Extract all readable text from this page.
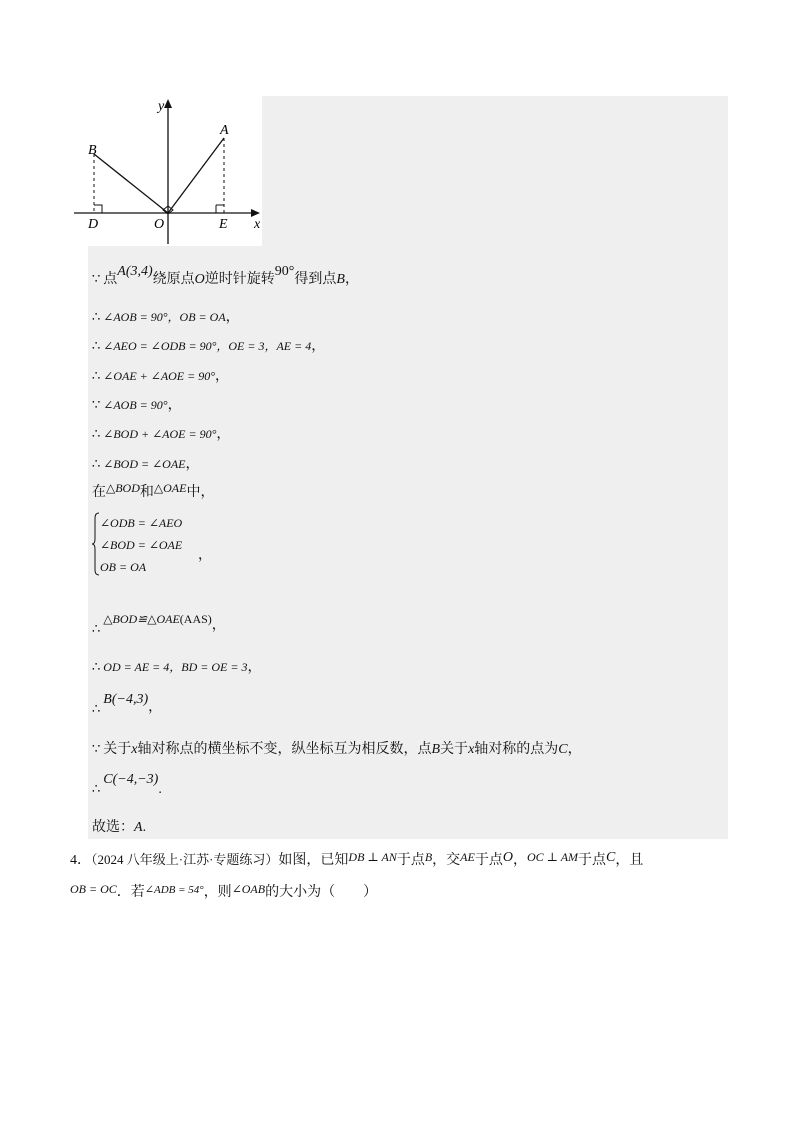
y
x
A
B
D	O	E
∵ 点A(3,4)绕原点O逆时针旋转90°得到点B，
∴ ∠AOB = 90°，OB = OA，
∴ ∠AEO = ∠ODB = 90°，OE = 3，AE = 4，
∴ ∠OAE + ∠AOE = 90°，
∵ ∠AOB = 90°，
∴ ∠BOD + ∠AOE = 90°，
∴ ∠BOD = ∠OAE，
在△BOD和△OAE中，
∠ODB = ∠AEO
∠BOD = ∠OAE
OB = OA
，
∴△BOD≌△OAE(AAS)，
∴ OD = AE = 4，BD = OE = 3，
∴B(−4,3)，
∵ 关于x轴对称点的横坐标不变，纵坐标互为相反数，点B关于x轴对称的点为C，
∴C(−4,−3).
故选：A.
4．（2024 八年级上·江苏·专题练习）如图，已知DB ⊥ AN于点B，交AE于点O，OC ⊥ AM于点C，且
OB = OC．若$^{\angle ADB = 54^\circ}$，则∠OAB的大小为（　　）
